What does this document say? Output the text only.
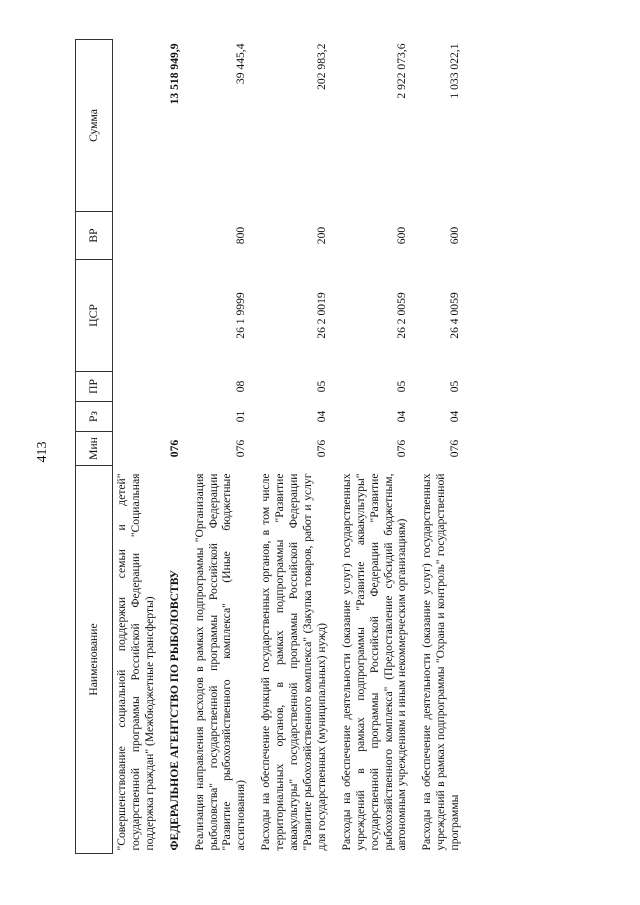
413
Наименование	Мин	Рз	ПР	ЦСР	ВР	Сумма
"Совершенствование социальной поддержки семьи и детей" государственной программы Российской Федерации "Социальная поддержка граждан" (Межбюджетные трансферты)						
ФЕДЕРАЛЬНОЕ АГЕНТСТВО ПО РЫБОЛОВСТВУ	076					13 518 949,9
Реализация направления расходов в рамках подпрограммы "Организация рыболовства" государственной программы Российской Федерации "Развитие рыбохозяйственного комплекса" (Иные бюджетные ассигнования)	076	01	08	26 1 9999	800	39 445,4
Расходы на обеспечение функций государственных органов, в том числе территориальных органов, в рамках подпрограммы "Развитие аквакультуры" государственной программы Российской Федерации "Развитие рыбохозяйственного комплекса" (Закупка товаров, работ и услуг для государственных (муниципальных) нужд)	076	04	05	26 2 0019	200	202 983,2
Расходы на обеспечение деятельности (оказание услуг) государственных учреждений в рамках подпрограммы "Развитие аквакультуры" государственной программы Российской Федерации "Развитие рыбохозяйственного комплекса" (Предоставление субсидий бюджетным, автономным учреждениям и иным некоммерческим организациям)	076	04	05	26 2 0059	600	2 922 073,6
Расходы на обеспечение деятельности (оказание услуг) государственных учреждений в рамках подпрограммы "Охрана и контроль" государственной программы	076	04	05	26 4 0059	600	1 033 022,1
